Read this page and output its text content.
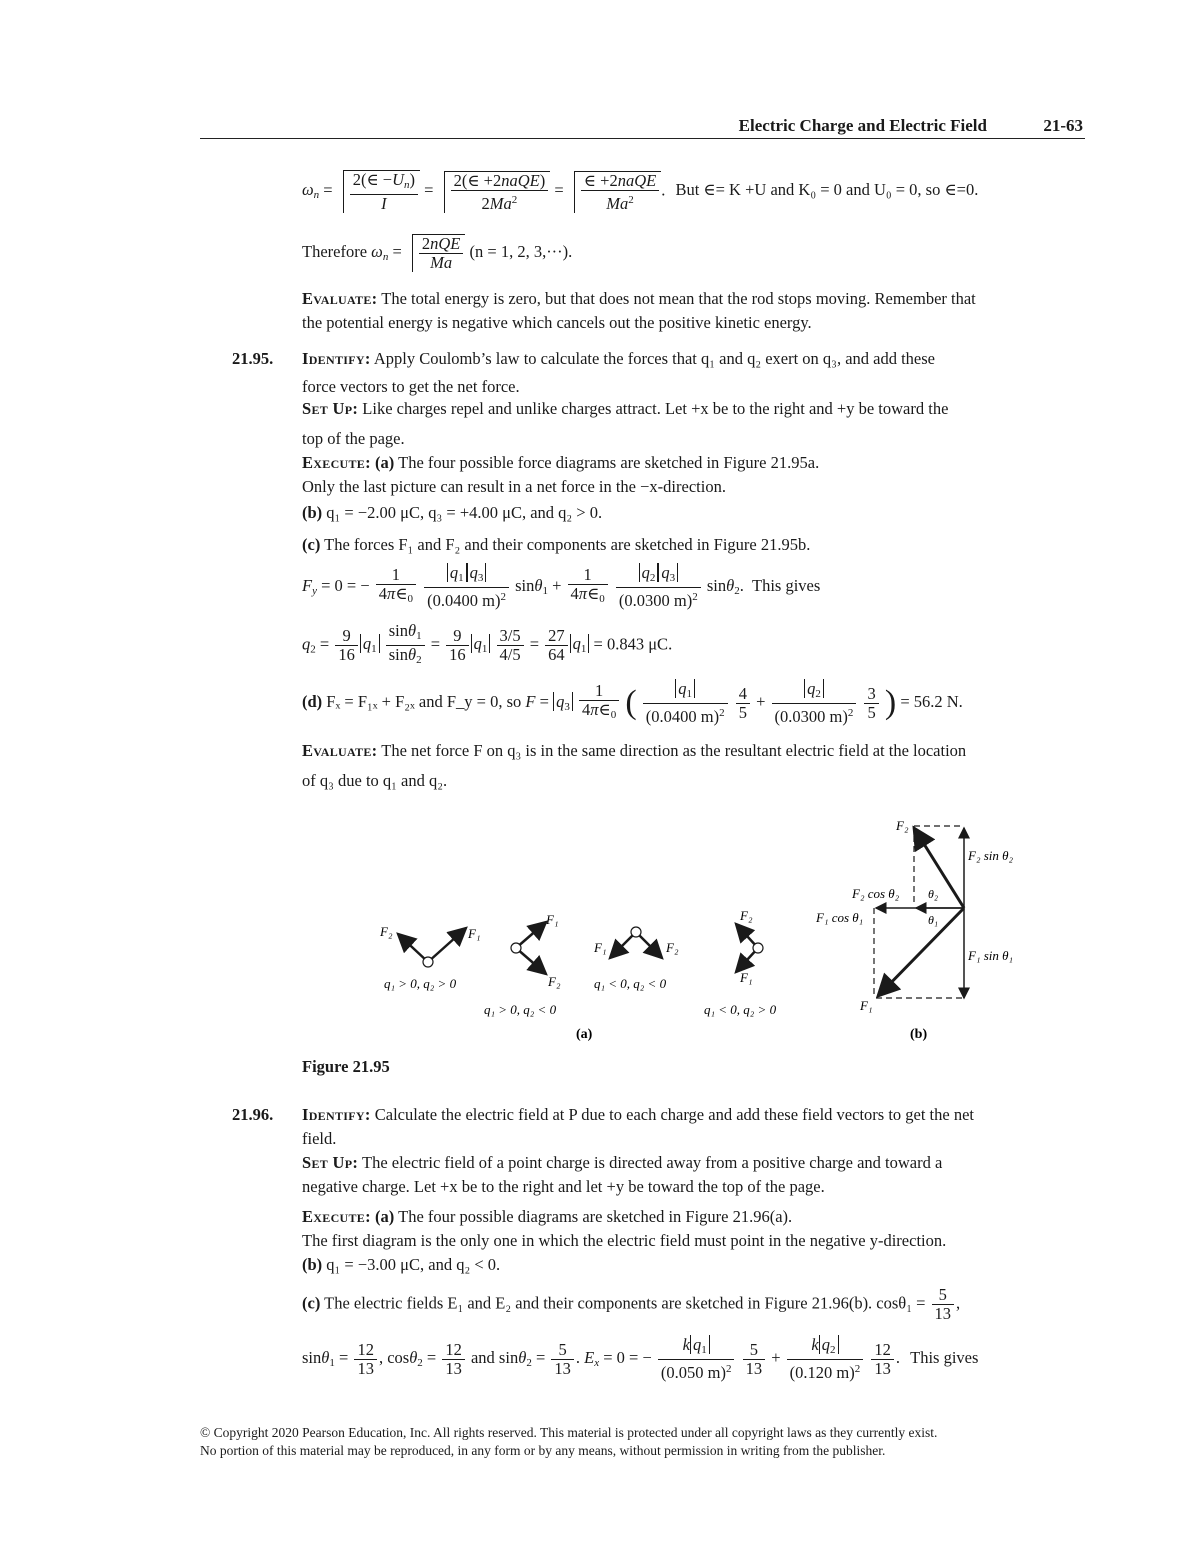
Electric Charge and Electric Field	21-63
$\omega_n = \frac{2(\in -U_n)}{I} = \frac{\text{2(∈ +2naQE)}}{2Ma^2} = \frac{\text{∈ +2naQE}}{Ma^2}$ . But ∈= K +U and K₀ = 0 and U₀ = 0, so ∈=0.
Therefore $\omega_n = \frac{\text{2nQE}}{Ma} (n = 1$, 2, 3,···).
Evaluate: The total energy is zero, but that does not mean that the rod stops moving. Remember that
the potential energy is negative which cancels out the positive kinetic energy.
21.95. Identify: Apply Coulomb’s law to calculate the forces that q₁ and q₂ exert on q₃, and add these
force vectors to get the net force.
Set Up: Like charges repel and unlike charges attract. Let +x be to the right and +y be toward the
top of the page.
Execute: (a) The four possible force diagrams are sketched in Figure 21.95a.
Only the last picture can result in a net force in the −x-direction.
(b) q₁ = −2.00 μC, q₃ = +4.00 μC, and q₂ > 0.
(c) The forces F₁ and F₂ and their components are sketched in Figure 21.95b.
$F_y = 0$ = − $\frac{1}{4\pi\in_0}$
$\frac{q_1 q_3}{(0.0400 m)^2} \sin\theta_1 + \frac{1}{4\pi\in_0}$
$\frac{q_2 q_3}{(0.0300 m)^2} \sin\theta_2$. This gives
$q_2 = \frac{9}{16} q_1 \frac{\sin\theta_1}{\sin\theta_2} = \frac{9}{16} q_1 \frac{3/5}{4/5} = \frac{27}{64} q_1 = 0.843$ μC.
(d) Fₓ = F₁ₓ + F₂ₓ and F_y = 0, so $F = q_3 \frac{1}{4\pi\in_0}$ ( $\frac{q_1}{(0.0400 m)^2}$
$\frac{4}{5} + \frac{q_2}{(0.0300 m)^2}$
$\frac{3}{5}$ ) = 56.2 N.
Evaluate: The net force F on q₃ is in the same direction as the resultant electric field at the location
of q₃ due to q₁ and q₂.
F₂	F₁
q₁ > 0, q₂ > 0
F₁
F₂
q₁ > 0, q₂ < 0
F₁	F₂
q₁ < 0, q₂ < 0
F₂
F₁
q₁ < 0, q₂ > 0
(a)
F₂
F₂ sin θ₂
F₂ cos θ₂ θ₂
F₁ cos θ₁	θ₁
F₁ sin θ₁
F₁
(b)
Figure 21.95
21.96. Identify: Calculate the electric field at P due to each charge and add these field vectors to get the net
field.
Set Up: The electric field of a point charge is directed away from a positive charge and toward a
negative charge. Let +x be to the right and let +y be toward the top of the page.
Execute: (a) The four possible diagrams are sketched in Figure 21.96(a).
The first diagram is the only one in which the electric field must point in the negative y-direction.
(b) q₁ = −3.00 μC, and q₂ < 0.
(c) The electric fields E₁ and E₂ and their components are sketched in Figure 21.96(b). $\cos\theta_1 = \frac{5}{13}$ ,
$\sin\theta_1 = \frac{12}{13}$ , $\cos\theta_2 = \frac{12}{13}$ and $\sin\theta_2 = \frac{5}{13}$ . $E_x = 0$ = − $\frac{k q_1}{(0.050 m)^2}$
$\frac{5}{13} + \frac{k q_2}{(0.120 m)^2}$
$\frac{12}{13}$ . This gives
© Copyright 2020 Pearson Education, Inc. All rights reserved. This material is protected under all copyright laws as they currently exist.
No portion of this material may be reproduced, in any form or by any means, without permission in writing from the publisher.
